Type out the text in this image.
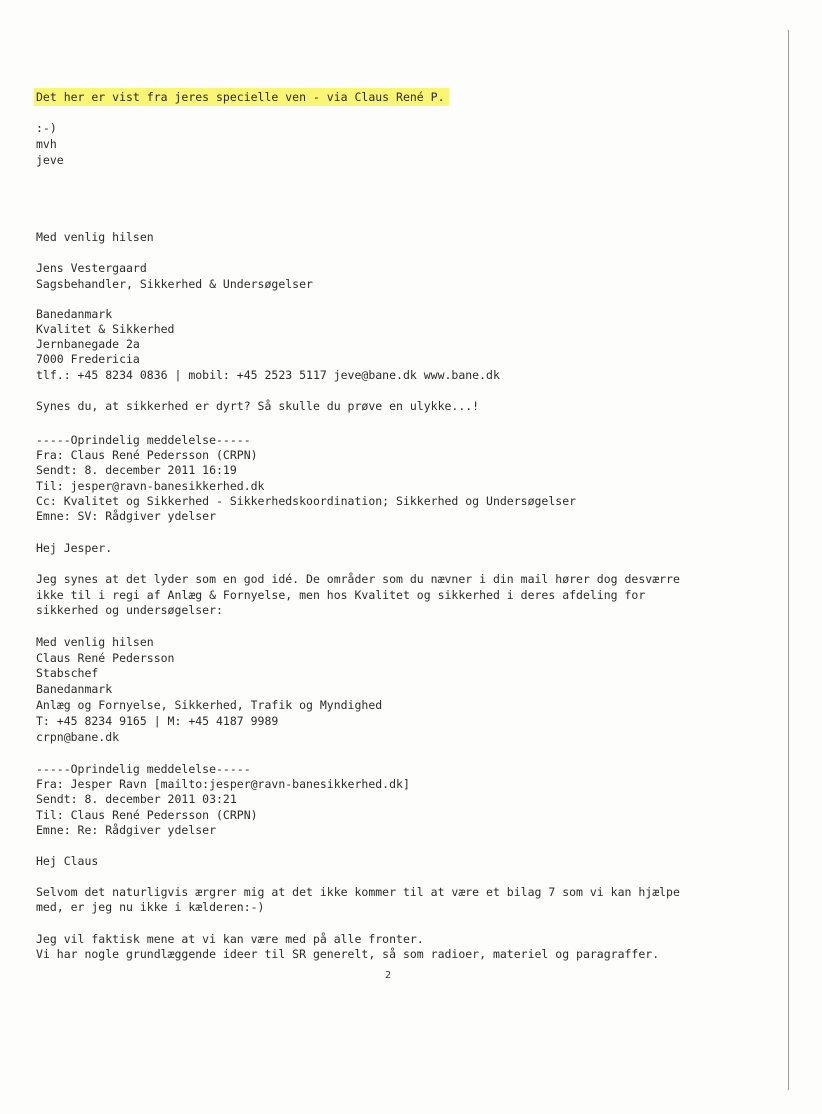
Det her er vist fra jeres specielle ven - via Claus René P.

:-)

mvh

jeve

Med venlig hilsen

Jens Vestergaard

Sagsbehandler, Sikkerhed & Undersøgelser

Banedanmark

Kvalitet & Sikkerhed

Jernbanegade 2a

7000 Fredericia

tlf.: +45 8234 0836 | mobil: +45 2523 5117 jeve@bane.dk www.bane.dk

Synes du, at sikkerhed er dyrt? Så skulle du prøve en ulykke...!

-----Oprindelig meddelelse-----

Fra: Claus René Pedersson (CRPN)

Sendt: 8. december 2011 16:19

Til: jesper@ravn-banesikkerhed.dk

Cc: Kvalitet og Sikkerhed - Sikkerhedskoordination; Sikkerhed og Undersøgelser

Emne: SV: Rådgiver ydelser

Hej Jesper.

Jeg synes at det lyder som en god idé. De områder som du nævner i din mail hører dog desværre

ikke til i regi af Anlæg & Fornyelse, men hos Kvalitet og sikkerhed i deres afdeling for

sikkerhed og undersøgelser:

Med venlig hilsen

Claus René Pedersson

Stabschef

Banedanmark

Anlæg og Fornyelse, Sikkerhed, Trafik og Myndighed

T: +45 8234 9165 | M: +45 4187 9989

crpn@bane.dk

-----Oprindelig meddelelse-----

Fra: Jesper Ravn [mailto:jesper@ravn-banesikkerhed.dk]

Sendt: 8. december 2011 03:21

Til: Claus René Pedersson (CRPN)

Emne: Re: Rådgiver ydelser

Hej Claus

Selvom det naturligvis ærgrer mig at det ikke kommer til at være et bilag 7 som vi kan hjælpe

med, er jeg nu ikke i kælderen:-)

Jeg vil faktisk mene at vi kan være med på alle fronter.

Vi har nogle grundlæggende ideer til SR generelt, så som radioer, materiel og paragraffer.

2
